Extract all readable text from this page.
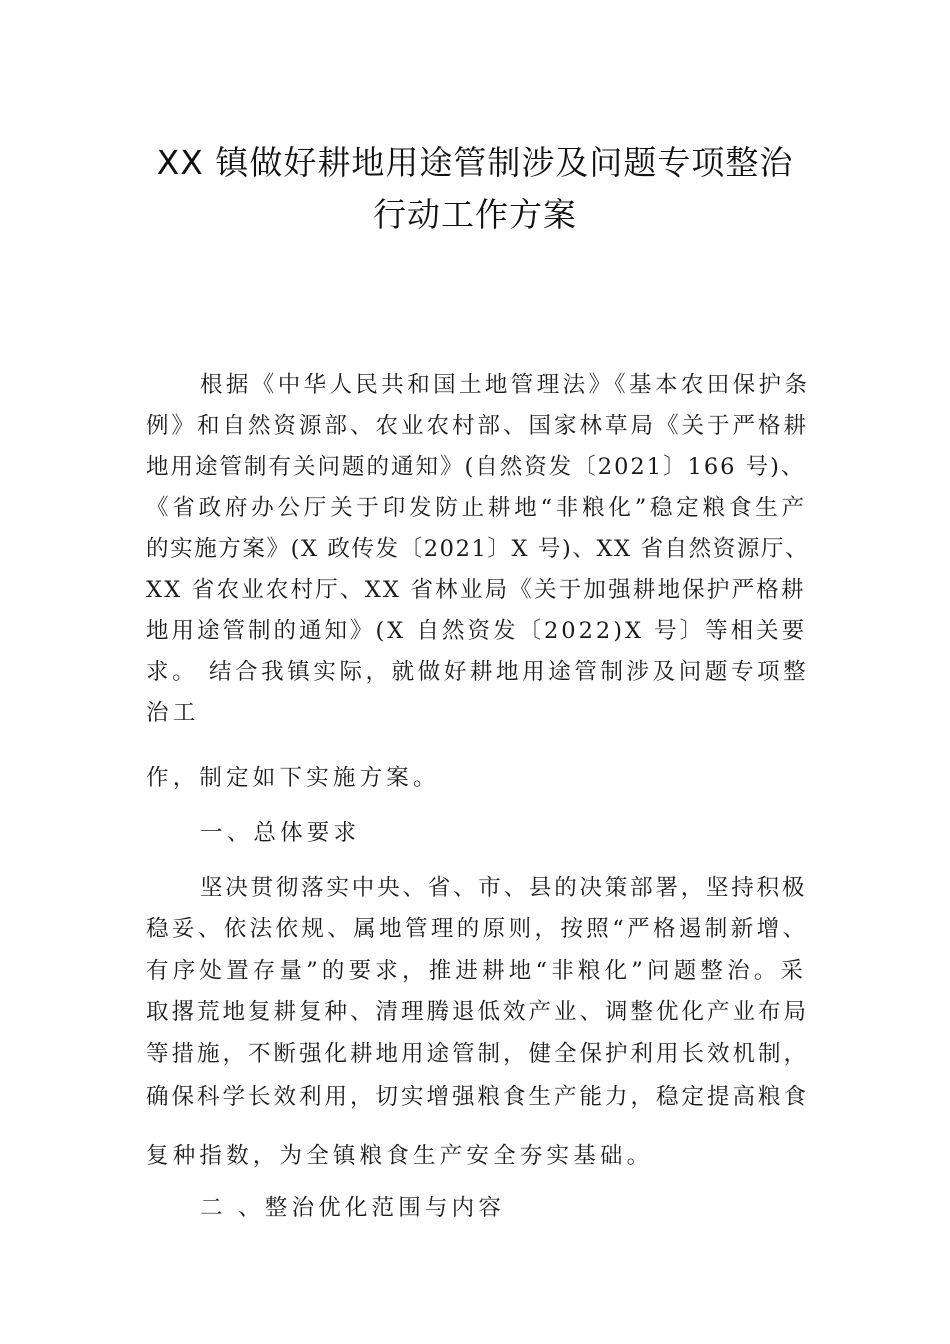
XX 镇做好耕地用途管制涉及问题专项整治
行动工作方案
根据《中华人民共和国土地管理法》《基本农田保护条
例》和自然资源部、农业农村部、国家林草局《关于严格耕
地用途管制有关问题的通知》(自然资发〔2021〕166 号)、
《省政府办公厅关于印发防止耕地“非粮化”稳定粮食生产
的实施方案》(X 政传发〔2021〕X 号)、XX 省自然资源厅、
XX 省农业农村厅、XX 省林业局《关于加强耕地保护严格耕
地用途管制的通知》(X 自然资发〔2022)X 号〕等相关要
求。 结合我镇实际，就做好耕地用途管制涉及问题专项整
治工
作，制定如下实施方案。
一、总体要求
坚决贯彻落实中央、省、市、县的决策部署，坚持积极
稳妥、依法依规、属地管理的原则，按照“严格遏制新增、
有序处置存量”的要求，推进耕地“非粮化”问题整治。采
取撂荒地复耕复种、清理腾退低效产业、调整优化产业布局
等措施，不断强化耕地用途管制，健全保护利用长效机制，
确保科学长效利用，切实增强粮食生产能力，稳定提高粮食
复种指数，为全镇粮食生产安全夯实基础。
二 、整治优化范围与内容
